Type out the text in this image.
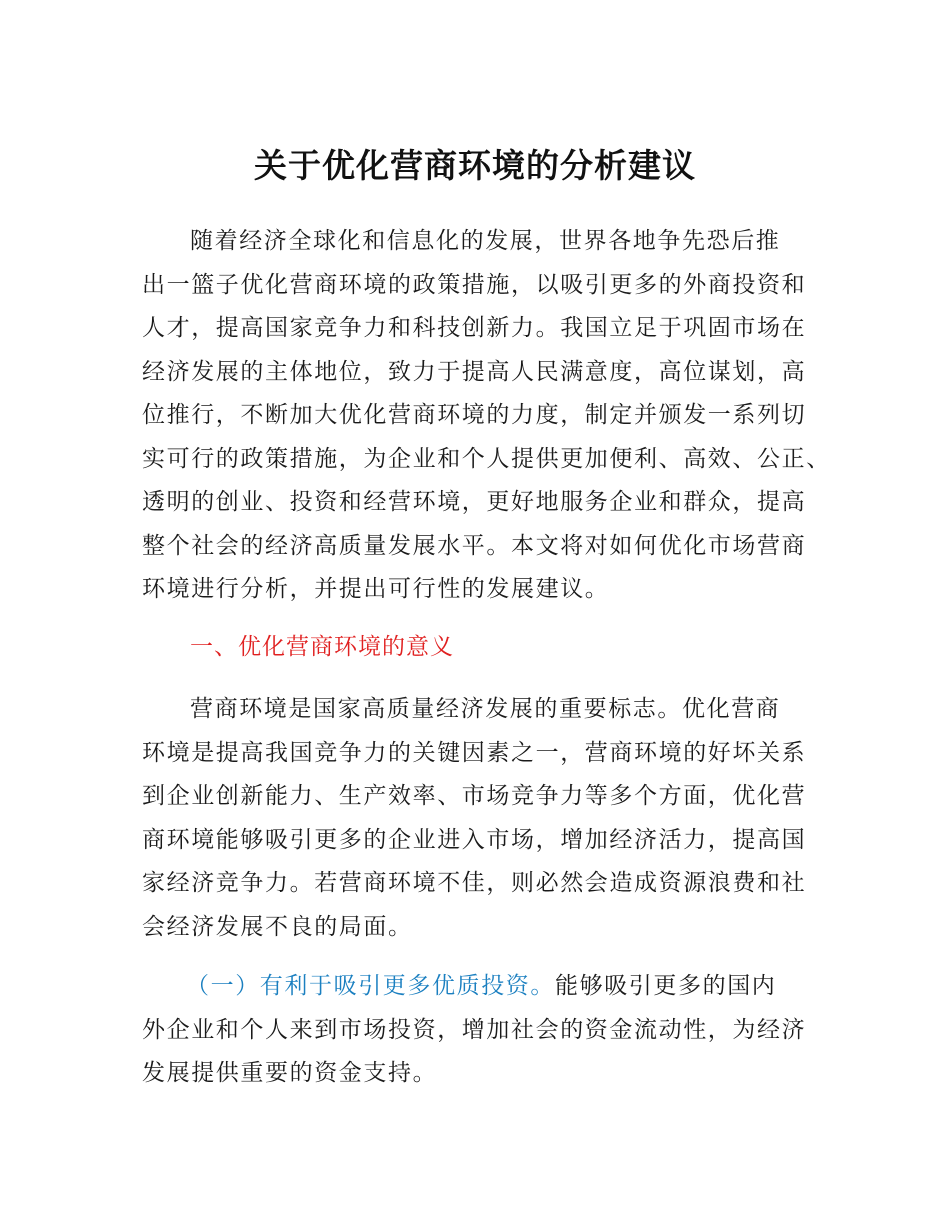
关于优化营商环境的分析建议
随着经济全球化和信息化的发展，世界各地争先恐后推
出一篮子优化营商环境的政策措施，以吸引更多的外商投资和
人才，提高国家竞争力和科技创新力。我国立足于巩固市场在
经济发展的主体地位，致力于提高人民满意度，高位谋划，高
位推行，不断加大优化营商环境的力度，制定并颁发一系列切
实可行的政策措施，为企业和个人提供更加便利、高效、公正、
透明的创业、投资和经营环境，更好地服务企业和群众，提高
整个社会的经济高质量发展水平。本文将对如何优化市场营商
环境进行分析，并提出可行性的发展建议。
一、优化营商环境的意义
营商环境是国家高质量经济发展的重要标志。优化营商
环境是提高我国竞争力的关键因素之一，营商环境的好坏关系
到企业创新能力、生产效率、市场竞争力等多个方面，优化营
商环境能够吸引更多的企业进入市场，增加经济活力，提高国
家经济竞争力。若营商环境不佳，则必然会造成资源浪费和社
会经济发展不良的局面。
（一）有利于吸引更多优质投资。能够吸引更多的国内
外企业和个人来到市场投资，增加社会的资金流动性，为经济
发展提供重要的资金支持。
